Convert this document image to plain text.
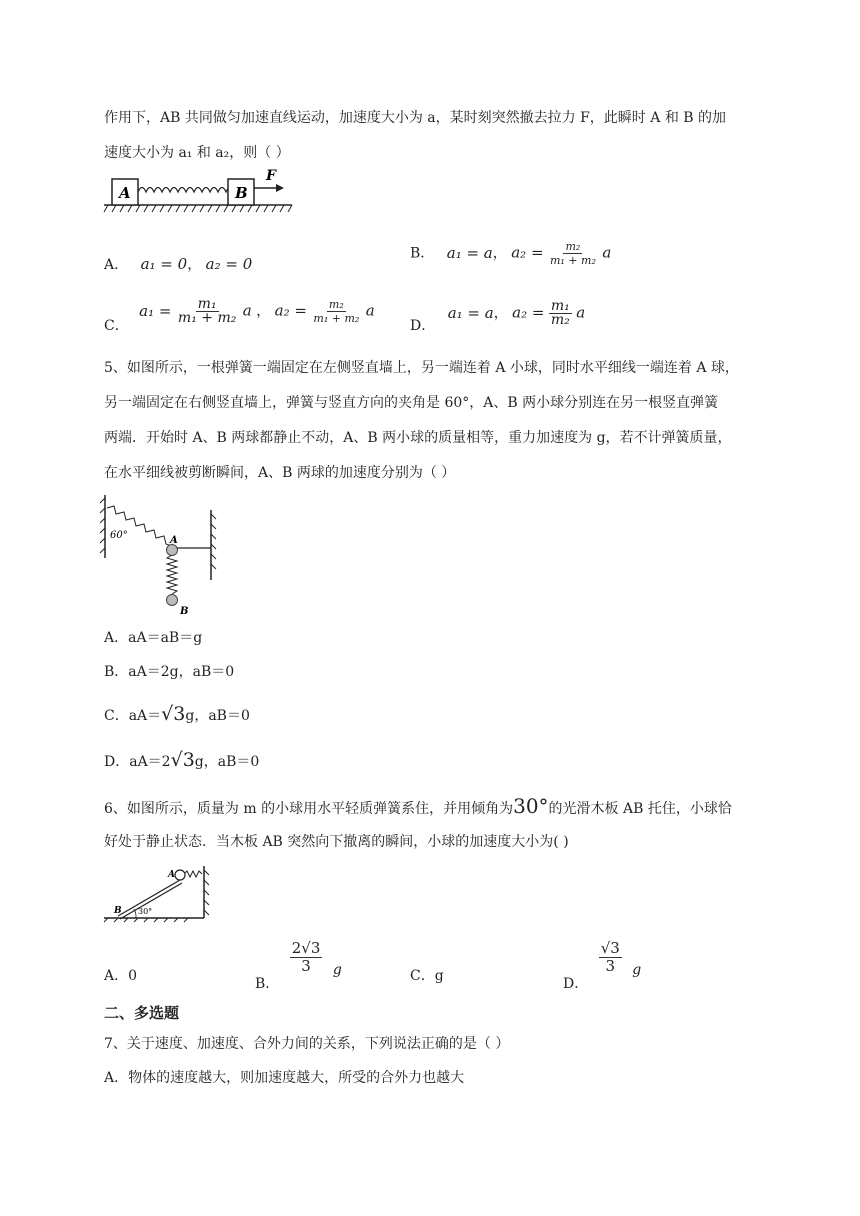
作用下，AB 共同做匀加速直线运动，加速度大小为 a，某时刻突然撤去拉力 F，此瞬时 A 和 B 的加
速度大小为 a₁ 和 a₂，则（ ）
A	B
F
A． a₁ = 0， a₂ = 0
B． a₁ = a， $a_2 = \frac{\text{m₂}}{\text{m₁ + m₂}}$ a
C． $a_1 = \frac{\text{m₁}}{\text{m₁ + m₂}}$ a ， $a_2 = \frac{\text{m₂}}{\text{m₁ + m₂}}$ a
D． a₁ = a， $a_2 = \frac{\text{m₁}}{\text{m₂}}$ a
5、如图所示，一根弹簧一端固定在左侧竖直墙上，另一端连着 A 小球，同时水平细线一端连着 A 球，
另一端固定在右侧竖直墙上，弹簧与竖直方向的夹角是 60°，A、B 两小球分别连在另一根竖直弹簧
两端．开始时 A、B 两球都静止不动，A、B 两小球的质量相等，重力加速度为 g，若不计弹簧质量，
在水平细线被剪断瞬间，A、B 两球的加速度分别为（ ）
60°	A
B
A．aA＝aB＝g
B．aA＝2g，aB＝0
C．aA＝√3g，aB＝0
D．aA＝2√3g，aB＝0
6、如图所示，质量为 m 的小球用水平轻质弹簧系住，并用倾角为30°的光滑木板 AB 托住，小球恰
好处于静止状态．当木板 AB 突然向下撤离的瞬间，小球的加速度大小为( )
A
B 30°
A．0	B．
$\frac{2√3}{3}$ g	C．g	D．
$\frac{√3}{3}$ g
二、多选题
7、关于速度、加速度、合外力间的关系，下列说法正确的是（ ）
A．物体的速度越大，则加速度越大，所受的合外力也越大
